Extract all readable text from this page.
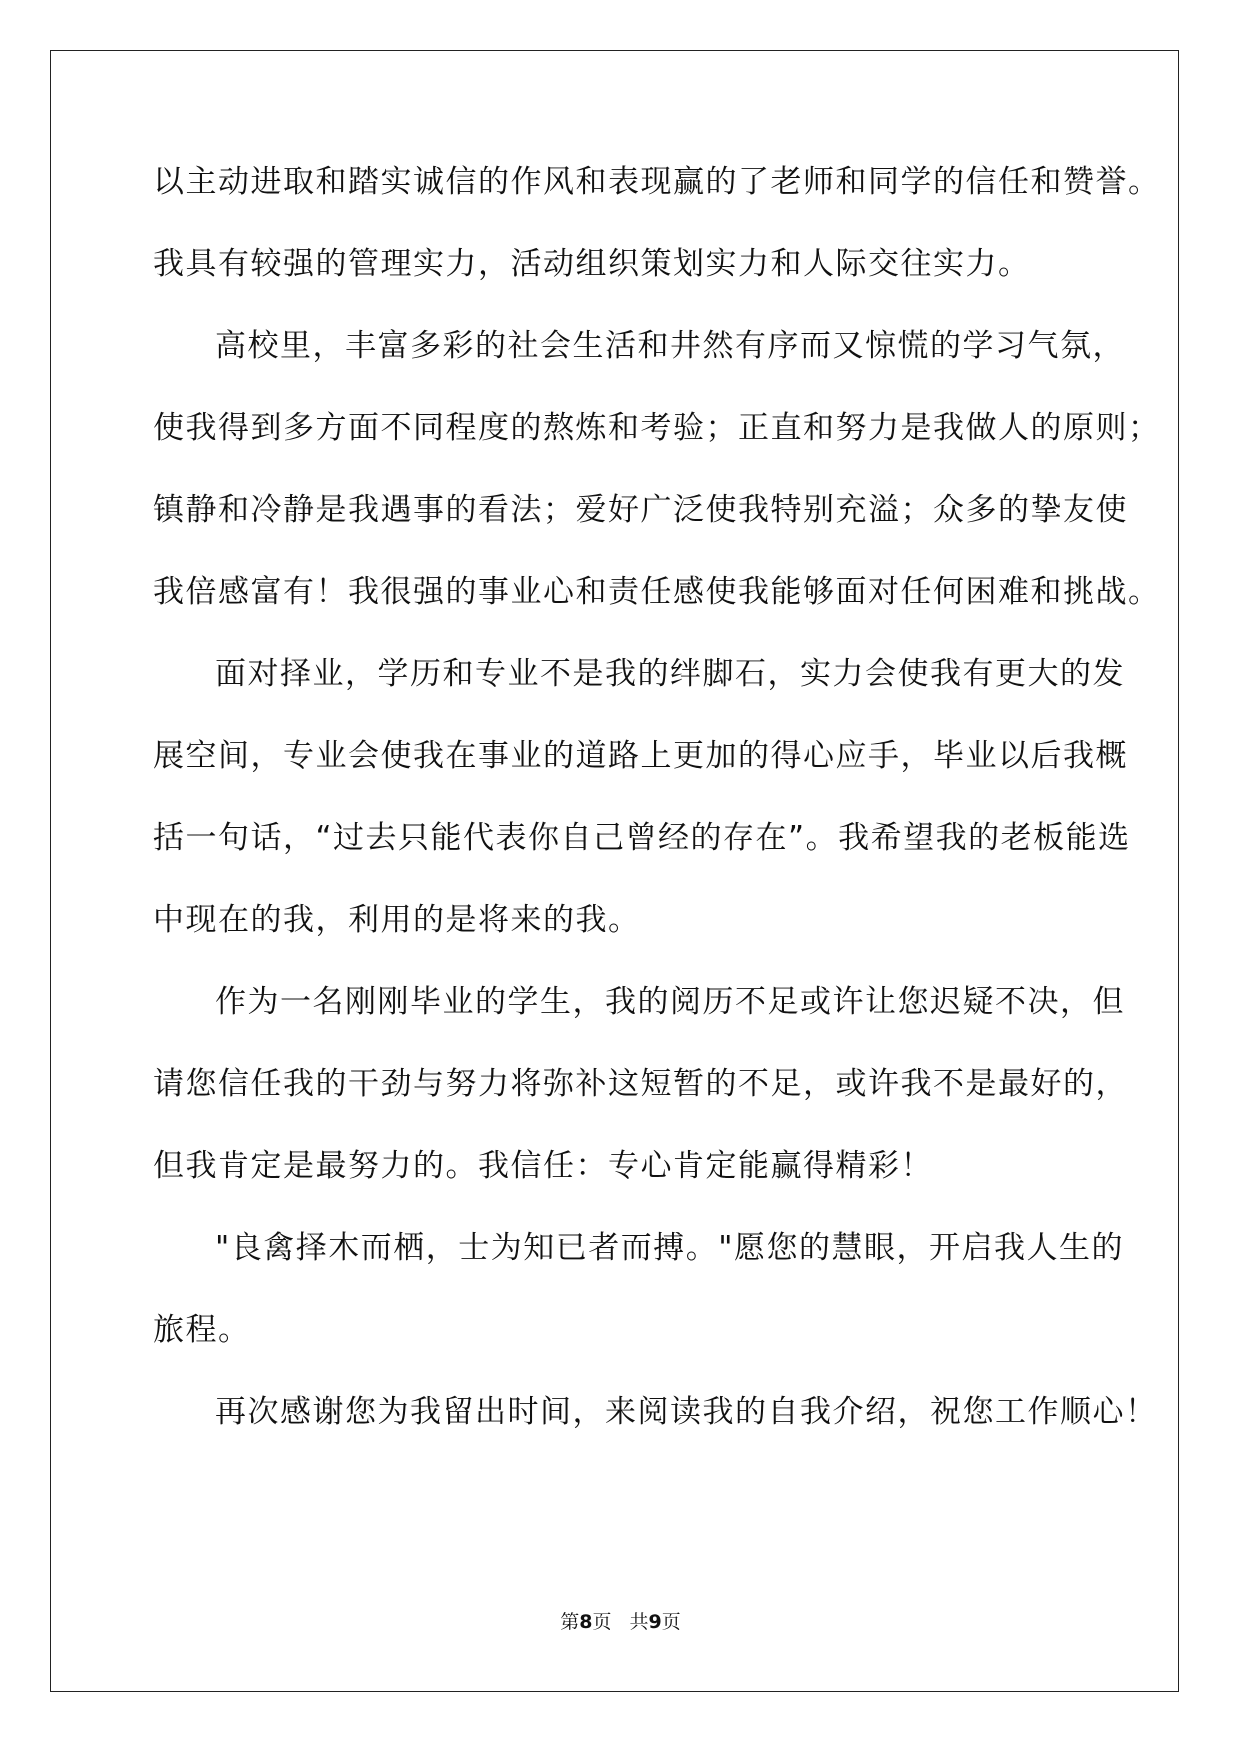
以主动进取和踏实诚信的作风和表现赢的了老师和同学的信任和赞誉。

我具有较强的管理实力，活动组织策划实力和人际交往实力。

高校里，丰富多彩的社会生活和井然有序而又惊慌的学习气氛，

使我得到多方面不同程度的熬炼和考验；正直和努力是我做人的原则；

镇静和冷静是我遇事的看法；爱好广泛使我特别充溢；众多的挚友使

我倍感富有！我很强的事业心和责任感使我能够面对任何困难和挑战。

面对择业，学历和专业不是我的绊脚石，实力会使我有更大的发

展空间，专业会使我在事业的道路上更加的得心应手，毕业以后我概

括一句话，“过去只能代表你自己曾经的存在”。我希望我的老板能选

中现在的我，利用的是将来的我。

作为一名刚刚毕业的学生，我的阅历不足或许让您迟疑不决，但

请您信任我的干劲与努力将弥补这短暂的不足，或许我不是最好的，

但我肯定是最努力的。我信任：专心肯定能赢得精彩！

"良禽择木而栖，士为知已者而搏。"愿您的慧眼，开启我人生的

旅程。

再次感谢您为我留出时间，来阅读我的自我介绍，祝您工作顺心！

第8页 共9页
